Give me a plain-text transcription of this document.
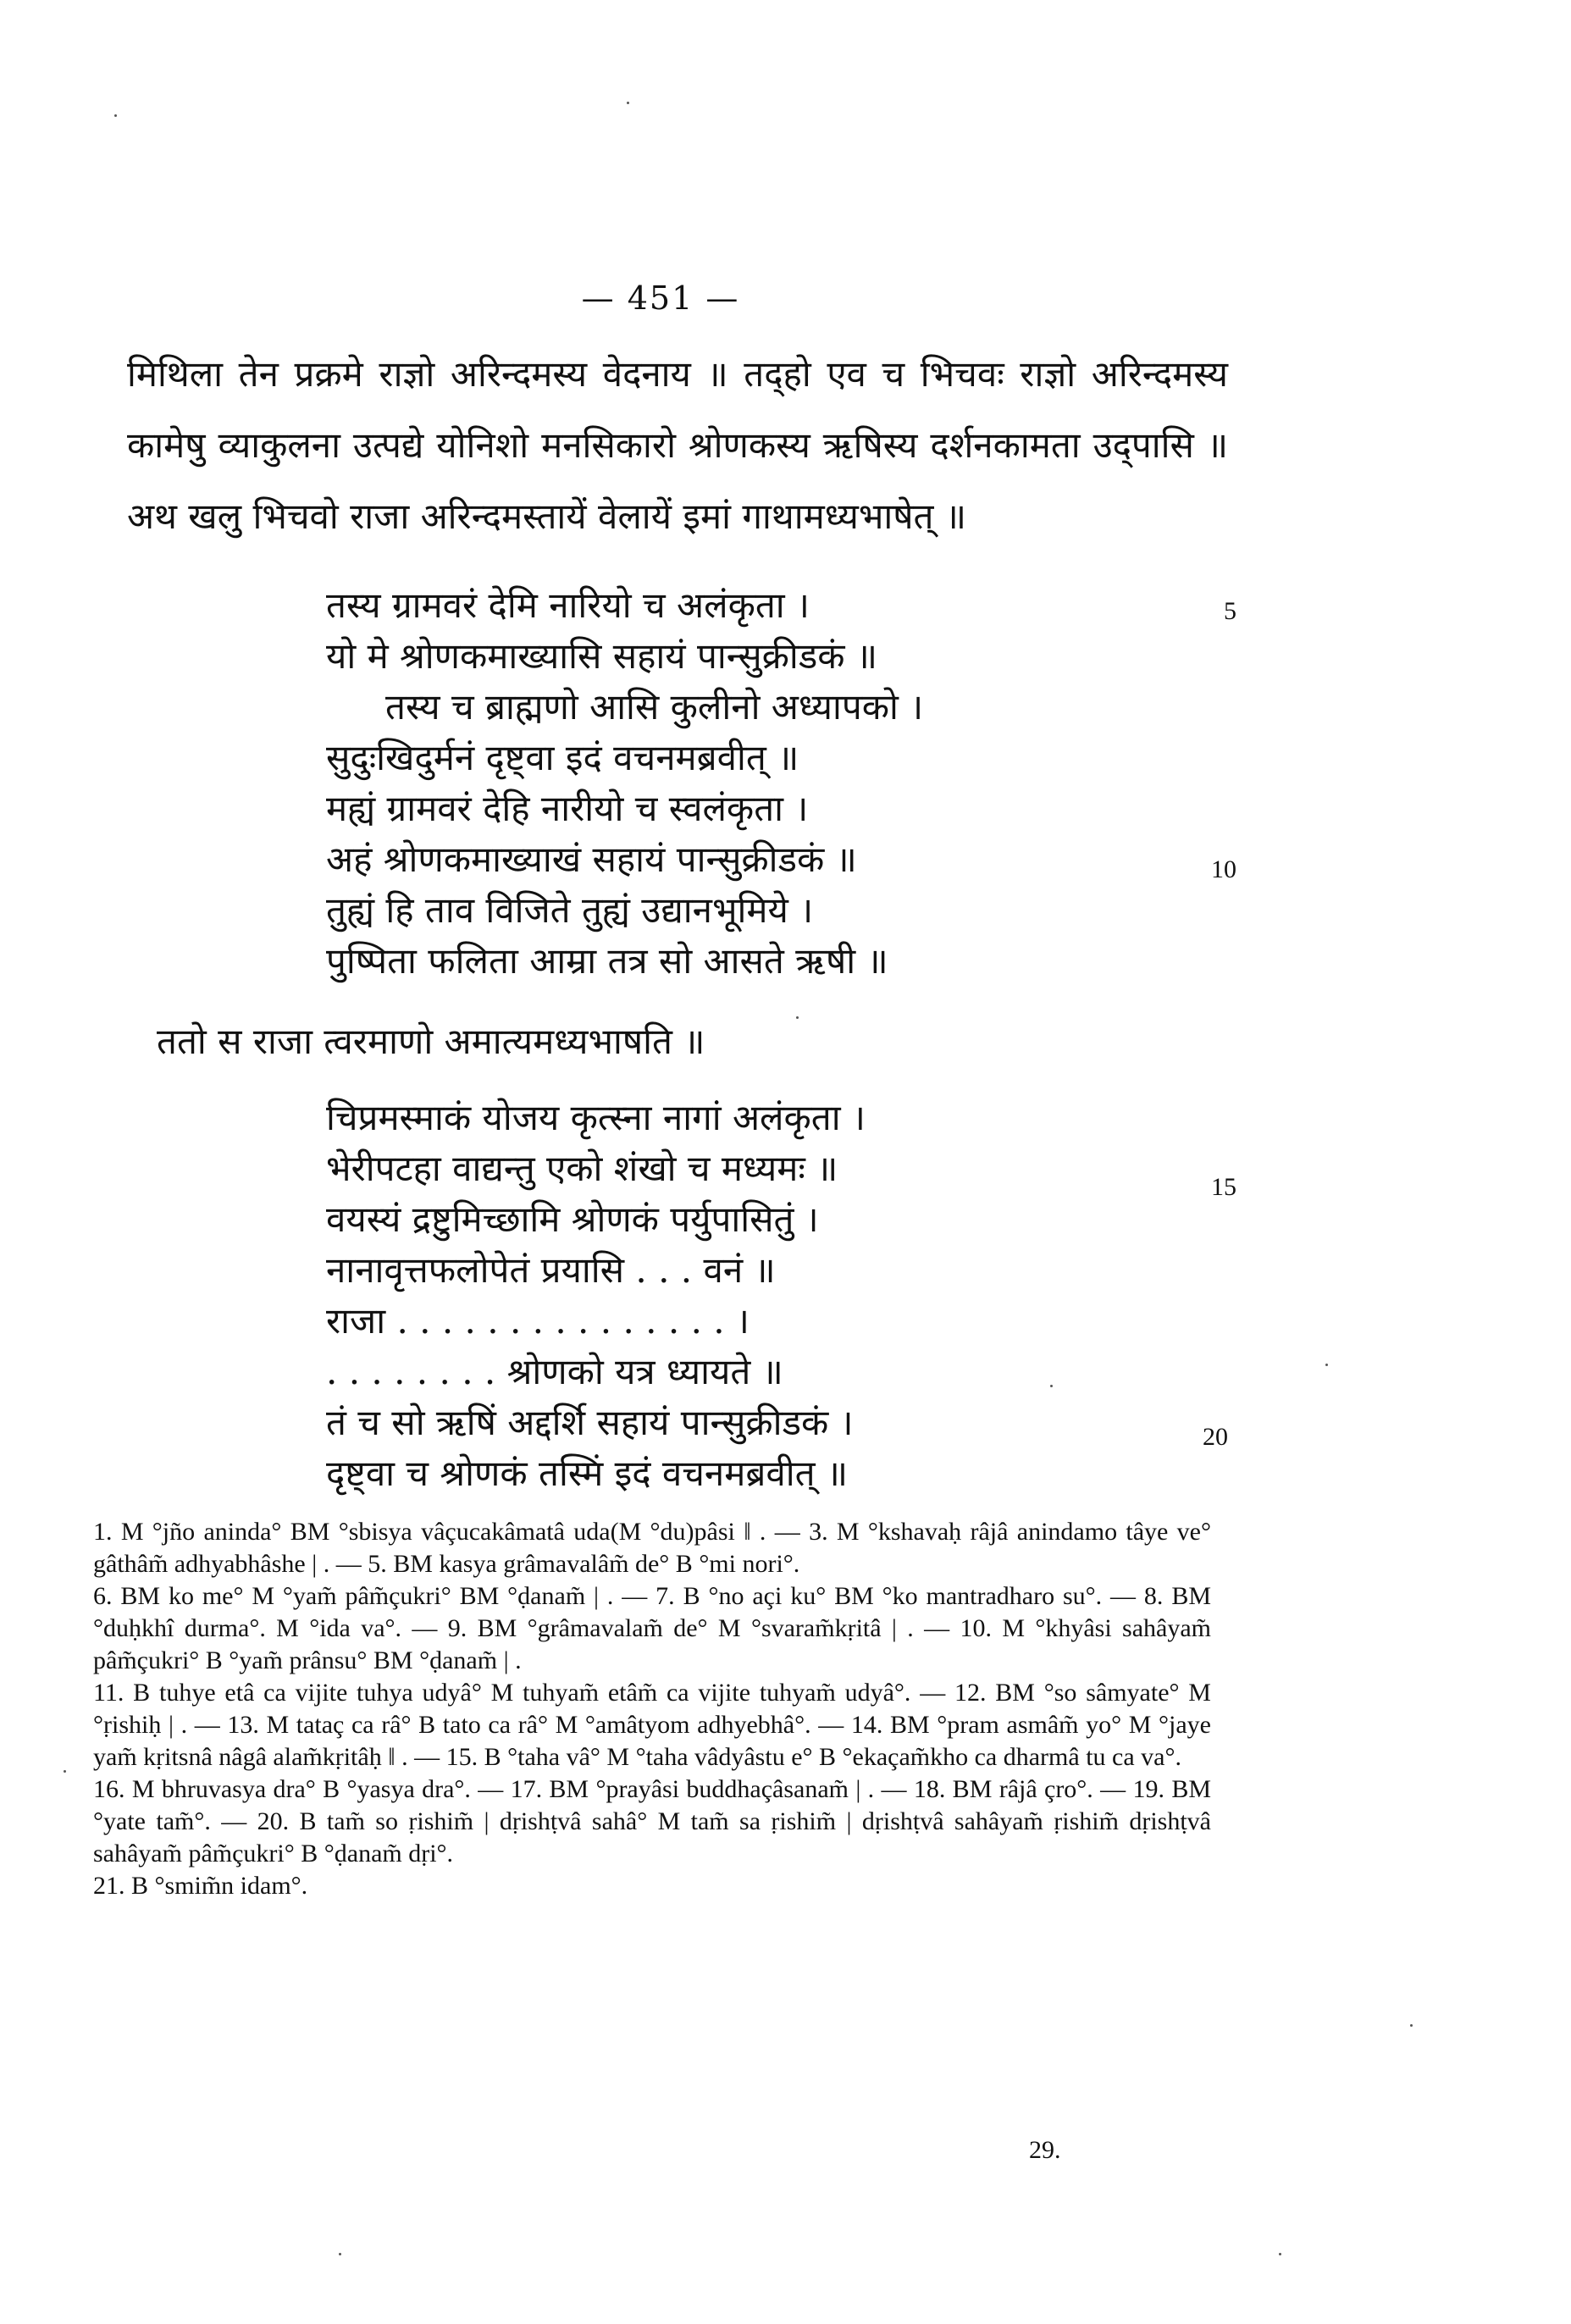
— 451 —
मिथिला तेन प्रक्रमे राज्ञो अरिन्दमस्य वेदनाय ॥ तद्हो एव च भिचवः राज्ञो अरिन्दमस्य कामेषु व्याकुलना उत्पद्ये योनिशो मनसिकारो श्रोणकस्य ऋषिस्य दर्शनकामता उद्पासि ॥ अथ खलु भिचवो राजा अरिन्दमस्तायें वेलायें इमां गाथामध्यभाषेत् ॥
तस्य ग्रामवरं देमि नारियो च अलंकृता ।
यो मे श्रोणकमाख्यासि सहायं पान्सुक्रीडकं ॥
तस्य च ब्राह्मणो आसि कुलीनो अध्यापको ।
सुदुःखिदुर्मनं दृष्ट्वा इदं वचनमब्रवीत् ॥
मह्यं ग्रामवरं देहि नारीयो च स्वलंकृता ।
अहं श्रोणकमाख्याखं सहायं पान्सुक्रीडकं ॥
तुह्यं हि ताव विजिते तुह्यं उद्यानभूमिये ।
पुष्पिता फलिता आम्रा तत्र सो आसते ऋषी ॥
5
10
ततो स राजा त्वरमाणो अमात्यमध्यभाषति ॥
चिप्रमस्माकं योजय कृत्स्ना नागां अलंकृता ।
भेरीपटहा वाद्यन्तु एको शंखो च मध्यमः ॥
वयस्यं द्रष्टुमिच्छामि श्रोणकं पर्युपासितुं ।
नानावृत्तफलोपेतं प्रयासि . . . वनं ॥
राजा . . . . . . . . . . . . . . . ।
. . . . . . . . श्रोणको यत्र ध्यायते ॥
तं च सो ऋषिं अद्दर्शि सहायं पान्सुक्रीडकं ।
दृष्ट्वा च श्रोणकं तस्मिं इदं वचनमब्रवीत् ॥
15
20

1. M °jño aninda° BM °sbisya vâçucakâmatâ uda(M °du)pâsi ‖ . — 3. M °kshavaḥ râjâ anindamo tâye ve° gâthâm̃ adhyabhâshe | . — 5. BM kasya grâmavalâm̃ de° B °mi nori°.

6. BM ko me° M °yam̃ pâm̃çukri° BM °ḍanam̃ | . — 7. B °no açi ku° BM °ko mantradharo su°. — 8. BM °duḥkhî durma°. M °ida va°. — 9. BM °grâmavalam̃ de° M °svaram̃kṛitâ | . — 10. M °khyâsi sahâyam̃ pâm̃çukri° B °yam̃ prânsu° BM °ḍanam̃ | .

11. B tuhye etâ ca vijite tuhya udyâ° M tuhyam̃ etâm̃ ca vijite tuhyam̃ udyâ°. — 12. BM °so sâmyate° M °ṛishiḥ | . — 13. M tataç ca râ° B tato ca râ° M °amâtyom adhyebhâ°. — 14. BM °pram asmâm̃ yo° M °jaye yam̃ kṛitsnâ nâgâ alam̃kṛitâḥ ‖ . — 15. B °taha vâ° M °taha vâdyâstu e° B °ekaçam̃kho ca dharmâ tu ca va°.

16. M bhruvasya dra° B °yasya dra°. — 17. BM °prayâsi buddhaçâsanam̃ | . — 18. BM râjâ çro°. — 19. BM °yate tam̃°. — 20. B tam̃ so ṛishim̃ | dṛishṭvâ sahâ° M tam̃ sa ṛishim̃ | dṛishṭvâ sahâyam̃ ṛishim̃ dṛishṭvâ sahâyam̃ pâm̃çukri° B °ḍanam̃ dṛi°.

21. B °smim̃n idam°.

29.
